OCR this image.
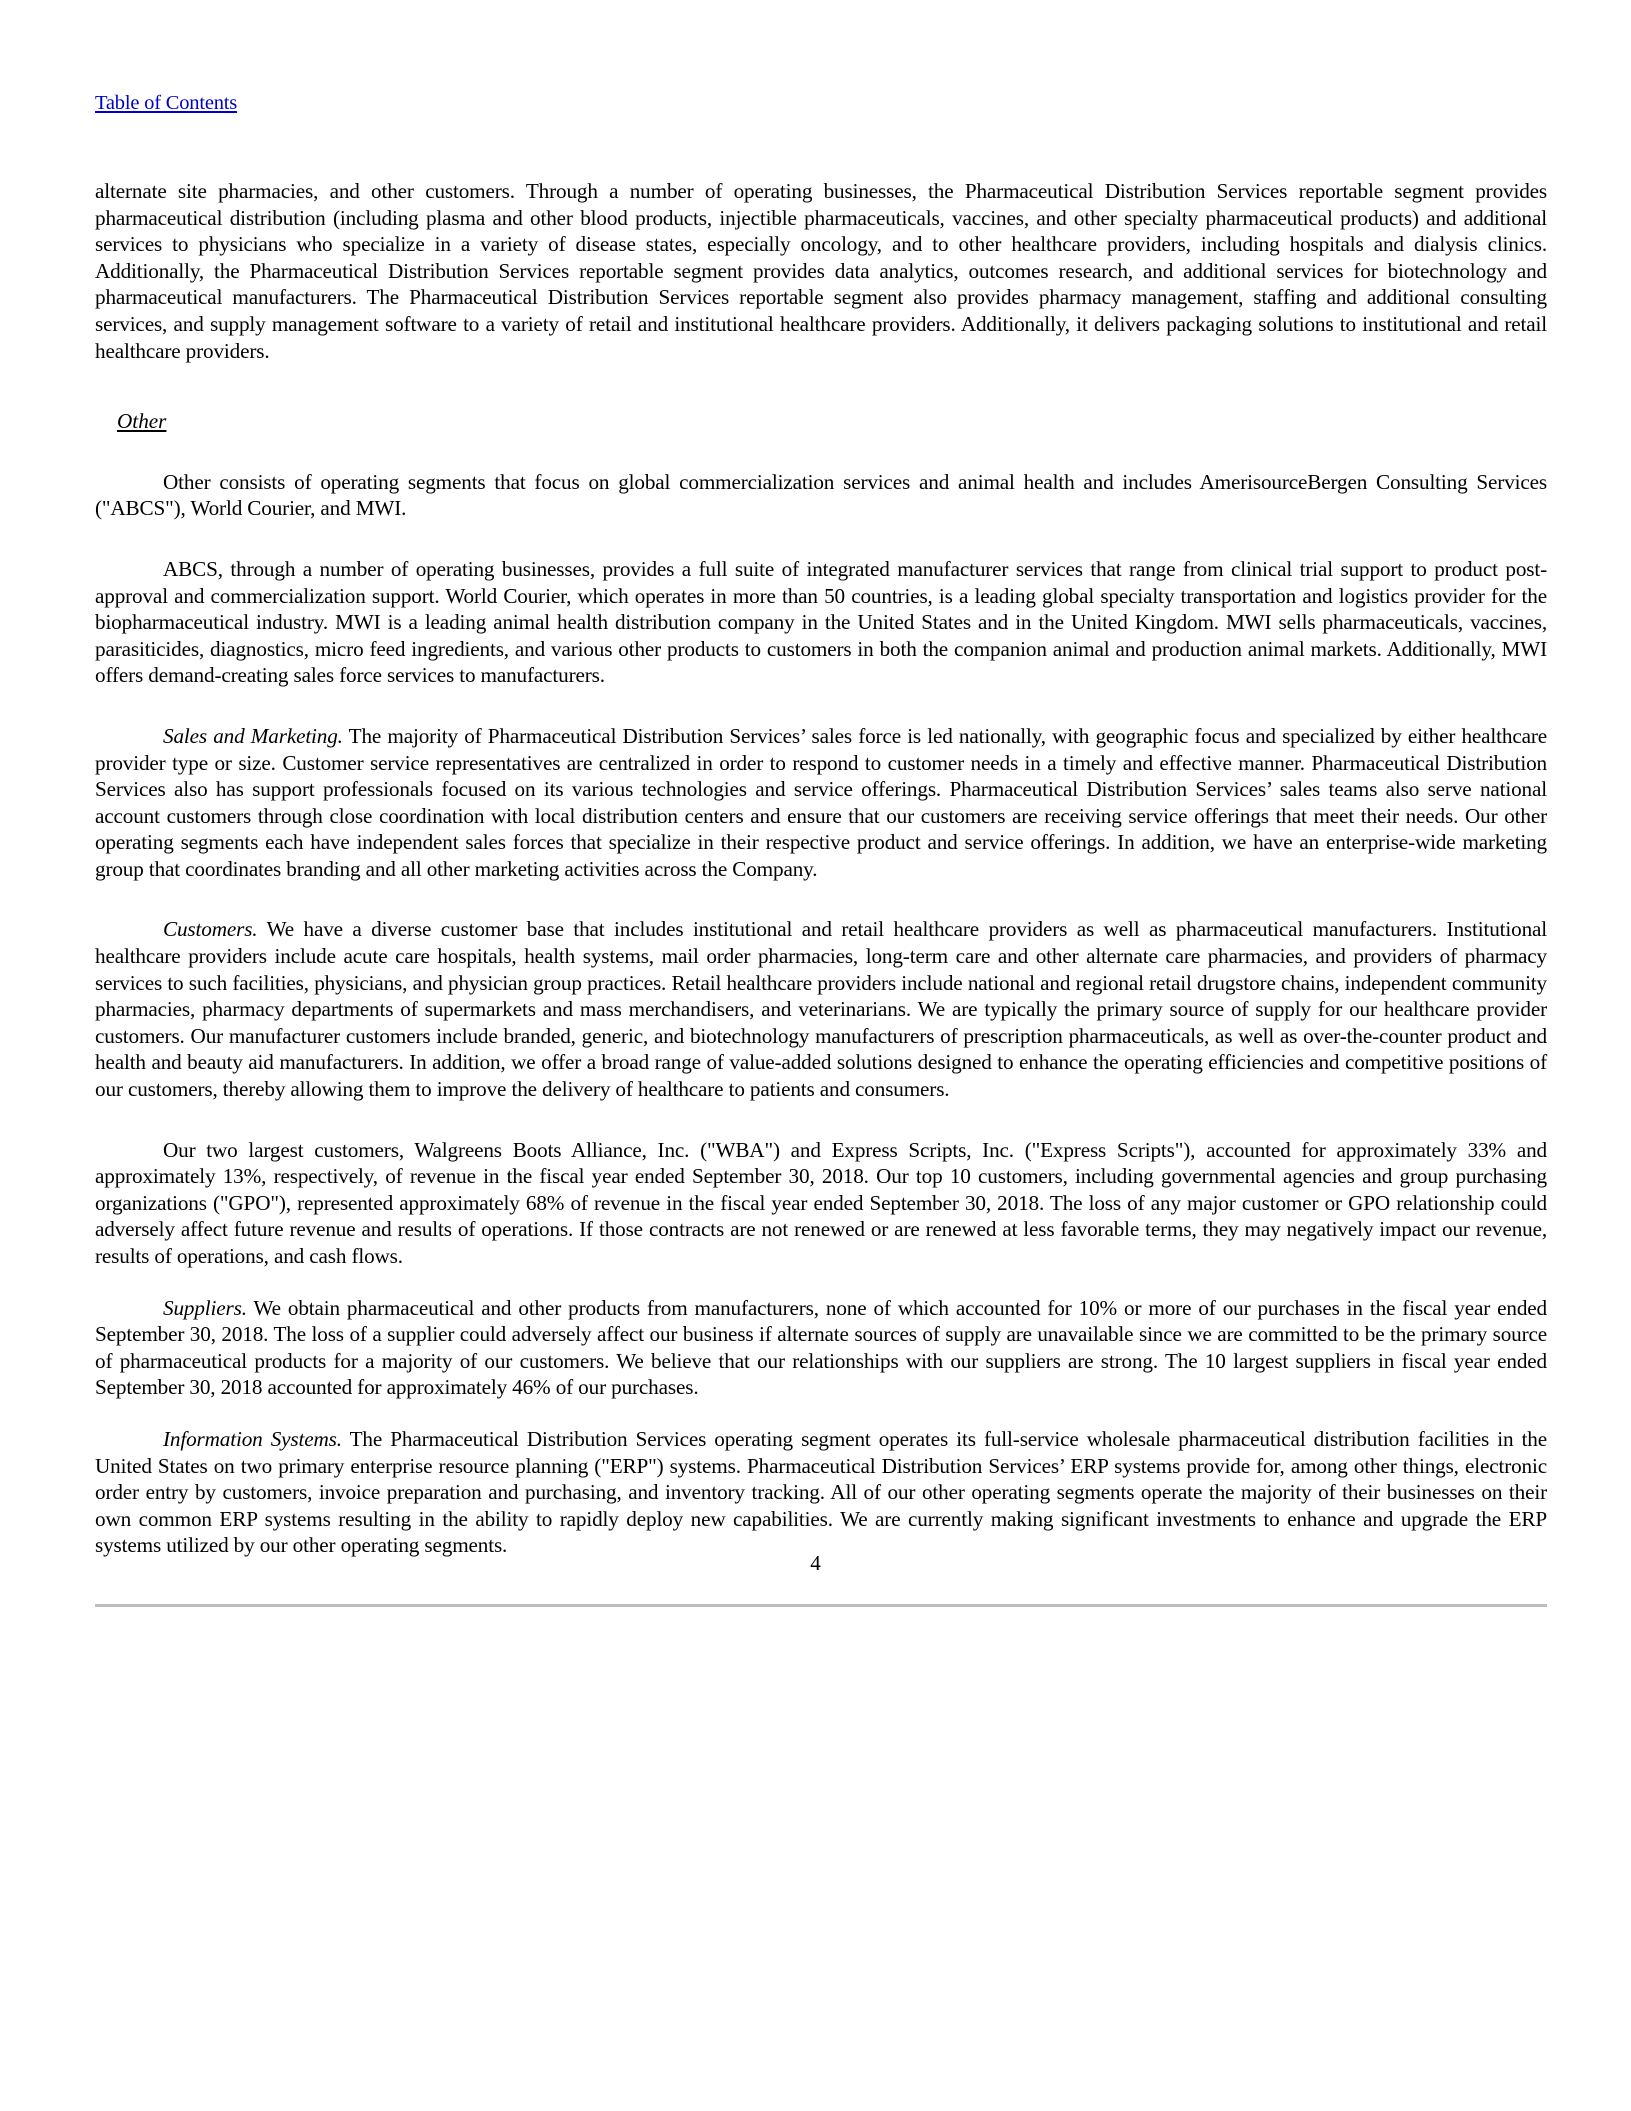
Table of Contents

alternate site pharmacies, and other customers. Through a number of operating businesses, the Pharmaceutical Distribution Services reportable segment provides pharmaceutical distribution (including plasma and other blood products, injectible pharmaceuticals, vaccines, and other specialty pharmaceutical products) and additional services to physicians who specialize in a variety of disease states, especially oncology, and to other healthcare providers, including hospitals and dialysis clinics. Additionally, the Pharmaceutical Distribution Services reportable segment provides data analytics, outcomes research, and additional services for biotechnology and pharmaceutical manufacturers. The Pharmaceutical Distribution Services reportable segment also provides pharmacy management, staffing and additional consulting services, and supply management software to a variety of retail and institutional healthcare providers. Additionally, it delivers packaging solutions to institutional and retail healthcare providers.

Other

Other consists of operating segments that focus on global commercialization services and animal health and includes AmerisourceBergen Consulting Services ("ABCS"), World Courier, and MWI.

ABCS, through a number of operating businesses, provides a full suite of integrated manufacturer services that range from clinical trial support to product post-approval and commercialization support. World Courier, which operates in more than 50 countries, is a leading global specialty transportation and logistics provider for the biopharmaceutical industry. MWI is a leading animal health distribution company in the United States and in the United Kingdom. MWI sells pharmaceuticals, vaccines, parasiticides, diagnostics, micro feed ingredients, and various other products to customers in both the companion animal and production animal markets. Additionally, MWI offers demand-creating sales force services to manufacturers.

Sales and Marketing. The majority of Pharmaceutical Distribution Services’ sales force is led nationally, with geographic focus and specialized by either healthcare provider type or size. Customer service representatives are centralized in order to respond to customer needs in a timely and effective manner. Pharmaceutical Distribution Services also has support professionals focused on its various technologies and service offerings. Pharmaceutical Distribution Services’ sales teams also serve national account customers through close coordination with local distribution centers and ensure that our customers are receiving service offerings that meet their needs. Our other operating segments each have independent sales forces that specialize in their respective product and service offerings. In addition, we have an enterprise-wide marketing group that coordinates branding and all other marketing activities across the Company.

Customers. We have a diverse customer base that includes institutional and retail healthcare providers as well as pharmaceutical manufacturers. Institutional healthcare providers include acute care hospitals, health systems, mail order pharmacies, long-term care and other alternate care pharmacies, and providers of pharmacy services to such facilities, physicians, and physician group practices. Retail healthcare providers include national and regional retail drugstore chains, independent community pharmacies, pharmacy departments of supermarkets and mass merchandisers, and veterinarians. We are typically the primary source of supply for our healthcare provider customers. Our manufacturer customers include branded, generic, and biotechnology manufacturers of prescription pharmaceuticals, as well as over-the-counter product and health and beauty aid manufacturers. In addition, we offer a broad range of value-added solutions designed to enhance the operating efficiencies and competitive positions of our customers, thereby allowing them to improve the delivery of healthcare to patients and consumers.

Our two largest customers, Walgreens Boots Alliance, Inc. ("WBA") and Express Scripts, Inc. ("Express Scripts"), accounted for approximately 33% and approximately 13%, respectively, of revenue in the fiscal year ended September 30, 2018. Our top 10 customers, including governmental agencies and group purchasing organizations ("GPO"), represented approximately 68% of revenue in the fiscal year ended September 30, 2018. The loss of any major customer or GPO relationship could adversely affect future revenue and results of operations. If those contracts are not renewed or are renewed at less favorable terms, they may negatively impact our revenue, results of operations, and cash flows.

Suppliers. We obtain pharmaceutical and other products from manufacturers, none of which accounted for 10% or more of our purchases in the fiscal year ended September 30, 2018. The loss of a supplier could adversely affect our business if alternate sources of supply are unavailable since we are committed to be the primary source of pharmaceutical products for a majority of our customers. We believe that our relationships with our suppliers are strong. The 10 largest suppliers in fiscal year ended September 30, 2018 accounted for approximately 46% of our purchases.

Information Systems. The Pharmaceutical Distribution Services operating segment operates its full-service wholesale pharmaceutical distribution facilities in the United States on two primary enterprise resource planning ("ERP") systems. Pharmaceutical Distribution Services’ ERP systems provide for, among other things, electronic order entry by customers, invoice preparation and purchasing, and inventory tracking. All of our other operating segments operate the majority of their businesses on their own common ERP systems resulting in the ability to rapidly deploy new capabilities. We are currently making significant investments to enhance and upgrade the ERP systems utilized by our other operating segments.

4
